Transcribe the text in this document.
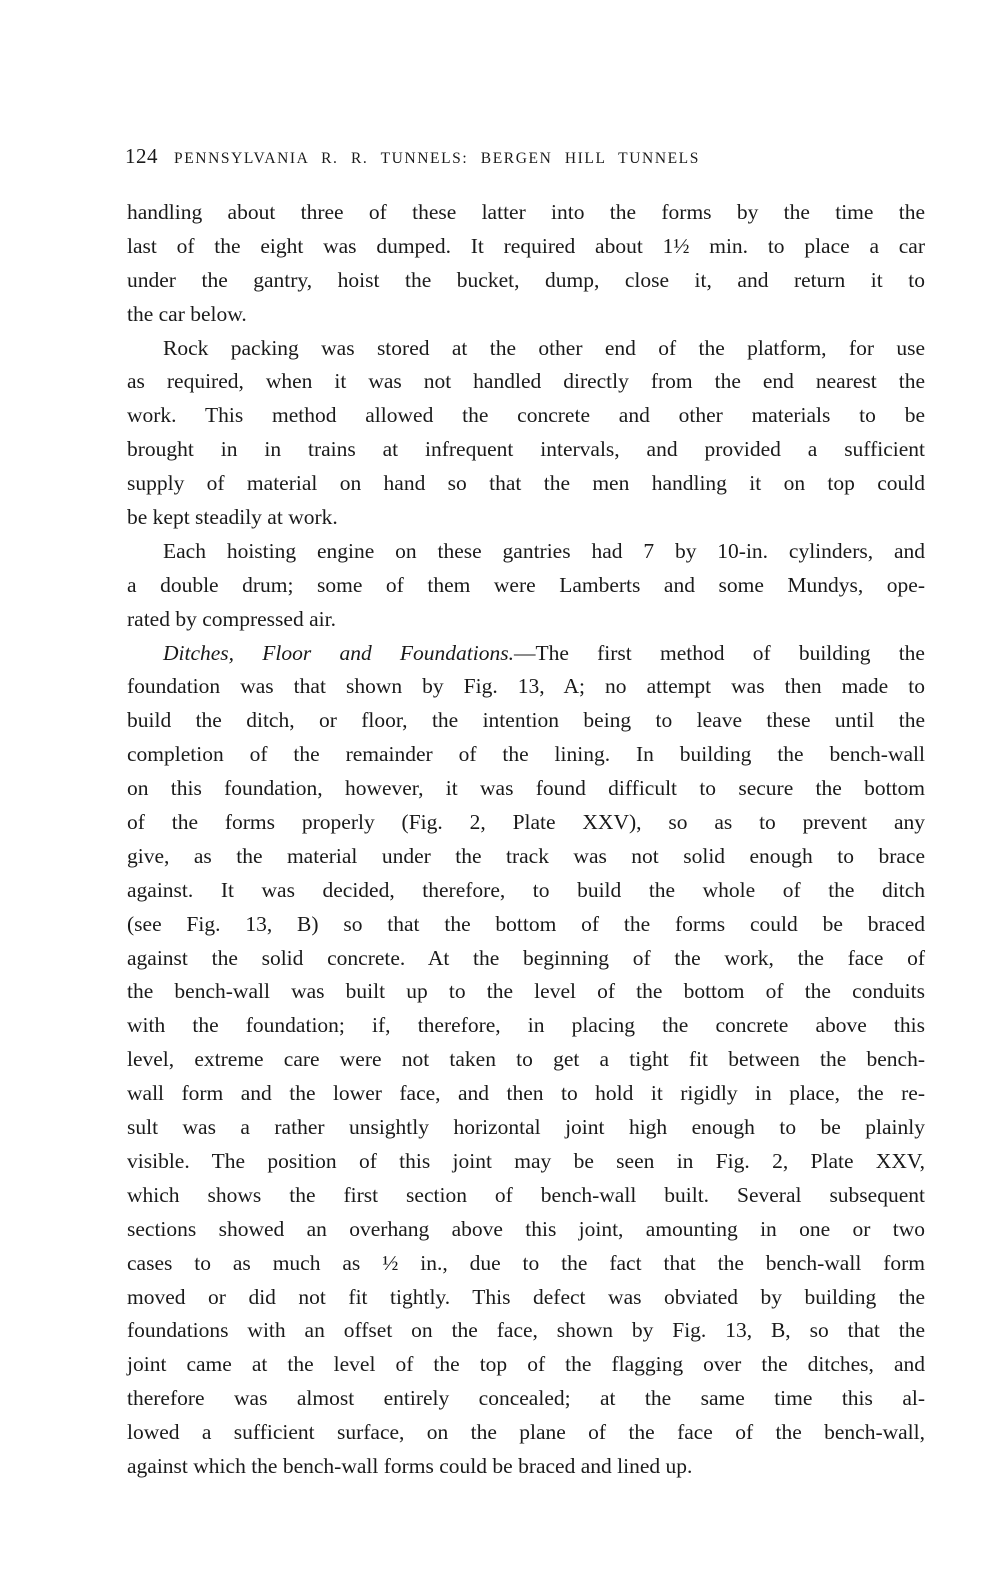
124 PENNSYLVANIA R. R. TUNNELS: BERGEN HILL TUNNELS
handling about three of these latter into the forms by the time the
last of the eight was dumped. It required about 1½ min. to place a car
under the gantry, hoist the bucket, dump, close it, and return it to
the car below.
Rock packing was stored at the other end of the platform, for use
as required, when it was not handled directly from the end nearest the
work. This method allowed the concrete and other materials to be
brought in in trains at infrequent intervals, and provided a sufficient
supply of material on hand so that the men handling it on top could
be kept steadily at work.
Each hoisting engine on these gantries had 7 by 10-in. cylinders, and
a double drum; some of them were Lamberts and some Mundys, ope-
rated by compressed air.
Ditches, Floor and Foundations.—The first method of building the
foundation was that shown by Fig. 13, A; no attempt was then made to
build the ditch, or floor, the intention being to leave these until the
completion of the remainder of the lining. In building the bench-wall
on this foundation, however, it was found difficult to secure the bottom
of the forms properly (Fig. 2, Plate XXV), so as to prevent any
give, as the material under the track was not solid enough to brace
against. It was decided, therefore, to build the whole of the ditch
(see Fig. 13, B) so that the bottom of the forms could be braced
against the solid concrete. At the beginning of the work, the face of
the bench-wall was built up to the level of the bottom of the conduits
with the foundation; if, therefore, in placing the concrete above this
level, extreme care were not taken to get a tight fit between the bench-
wall form and the lower face, and then to hold it rigidly in place, the re-
sult was a rather unsightly horizontal joint high enough to be plainly
visible. The position of this joint may be seen in Fig. 2, Plate XXV,
which shows the first section of bench-wall built. Several subsequent
sections showed an overhang above this joint, amounting in one or two
cases to as much as ½ in., due to the fact that the bench-wall form
moved or did not fit tightly. This defect was obviated by building the
foundations with an offset on the face, shown by Fig. 13, B, so that the
joint came at the level of the top of the flagging over the ditches, and
therefore was almost entirely concealed; at the same time this al-
lowed a sufficient surface, on the plane of the face of the bench-wall,
against which the bench-wall forms could be braced and lined up.
